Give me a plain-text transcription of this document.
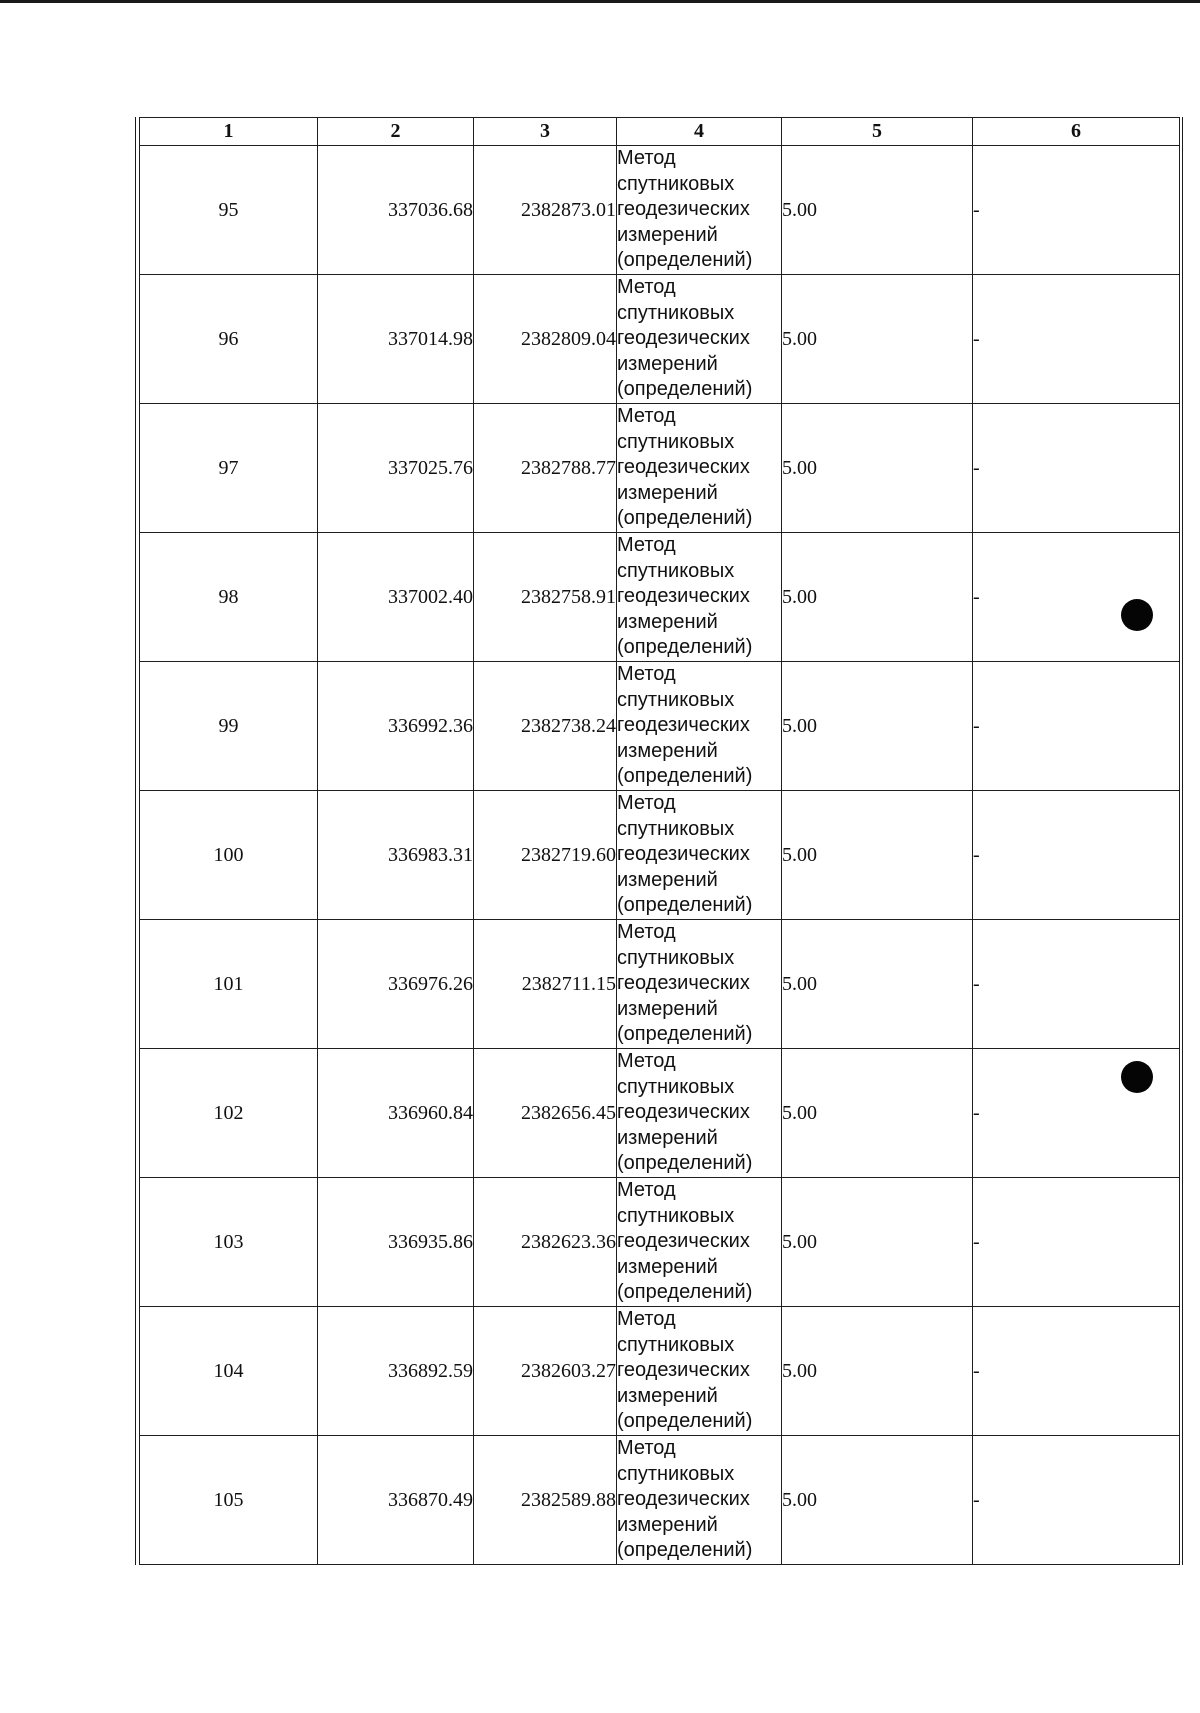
1	2	3	4	5	6
95	337036.68	2382873.01	Метод
спутниковых
геодезических
измерений
(определений)	5.00	-
96	337014.98	2382809.04	Метод
спутниковых
геодезических
измерений
(определений)	5.00	-
97	337025.76	2382788.77	Метод
спутниковых
геодезических
измерений
(определений)	5.00	-
98	337002.40	2382758.91	Метод
спутниковых
геодезических
измерений
(определений)	5.00	-
99	336992.36	2382738.24	Метод
спутниковых
геодезических
измерений
(определений)	5.00	-
100	336983.31	2382719.60	Метод
спутниковых
геодезических
измерений
(определений)	5.00	-
101	336976.26	2382711.15	Метод
спутниковых
геодезических
измерений
(определений)	5.00	-
102	336960.84	2382656.45	Метод
спутниковых
геодезических
измерений
(определений)	5.00	-
103	336935.86	2382623.36	Метод
спутниковых
геодезических
измерений
(определений)	5.00	-
104	336892.59	2382603.27	Метод
спутниковых
геодезических
измерений
(определений)	5.00	-
105	336870.49	2382589.88	Метод
спутниковых
геодезических
измерений
(определений)	5.00	-
